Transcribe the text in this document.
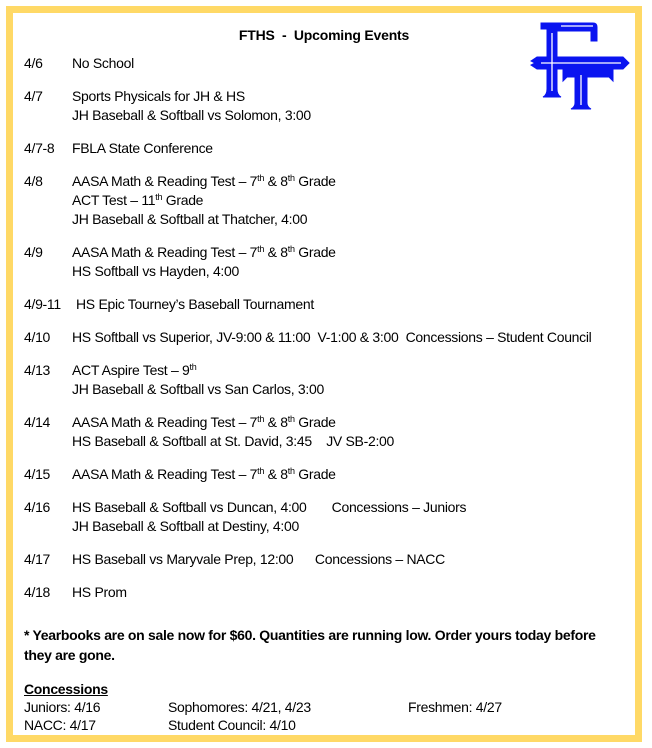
FTHS  -  Upcoming Events
4/6 No School
4/7 Sports Physicals for JH & HS
JH Baseball & Softball vs Solomon, 3:00
4/7-8 FBLA State Conference
4/8 AASA Math & Reading Test – 7th & 8th Grade
ACT Test – 11th Grade
JH Baseball & Softball at Thatcher, 4:00
4/9 AASA Math & Reading Test – 7th & 8th Grade
HS Softball vs Hayden, 4:00
4/9-11 HS Epic Tourney’s Baseball Tournament
4/10 HS Softball vs Superior, JV-9:00 & 11:00  V-1:00 & 3:00  Concessions – Student Council
4/13 ACT Aspire Test – 9th
JH Baseball & Softball vs San Carlos, 3:00
4/14 AASA Math & Reading Test – 7th & 8th Grade
HS Baseball & Softball at St. David, 3:45    JV SB-2:00
4/15 AASA Math & Reading Test – 7th & 8th Grade
4/16 HS Baseball & Softball vs Duncan, 4:00       Concessions – Juniors
JH Baseball & Softball at Destiny, 4:00
4/17 HS Baseball vs Maryvale Prep, 12:00      Concessions – NACC
4/18 HS Prom
* Yearbooks are on sale now for $60. Quantities are running low. Order yours today before they are gone.
Concessions
Juniors: 4/16	Sophomores: 4/21, 4/23	Freshmen: 4/27
NACC: 4/17	Student Council: 4/10
